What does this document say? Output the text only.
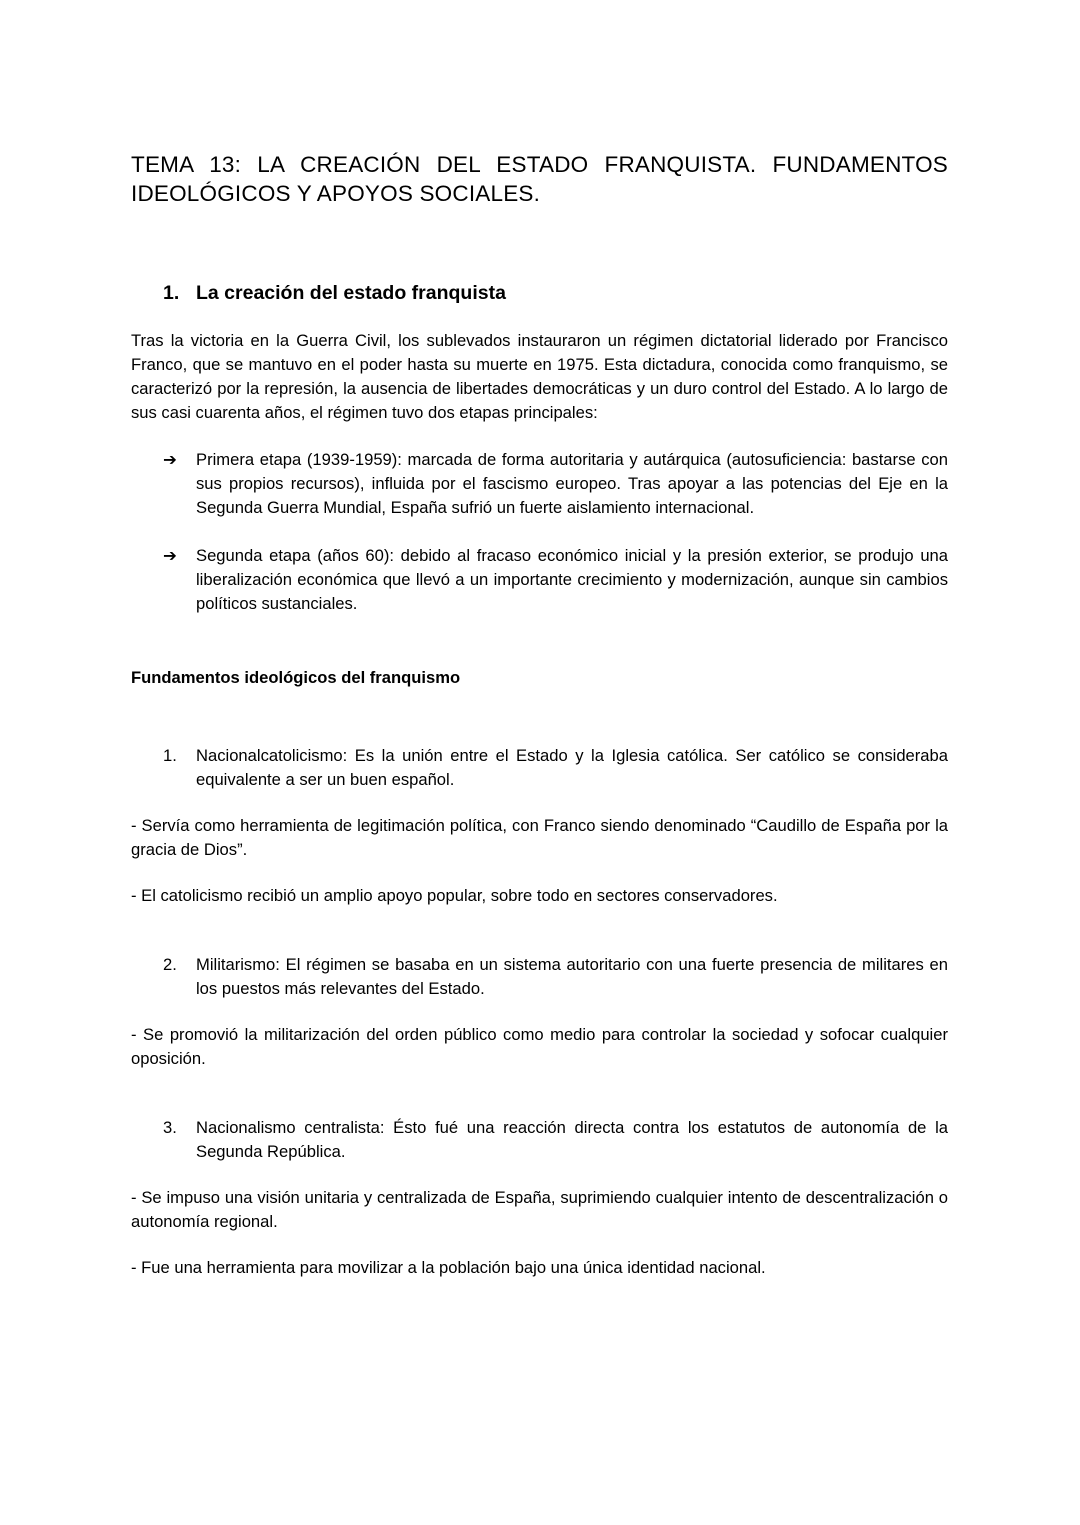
TEMA 13: LA CREACIÓN DEL ESTADO FRANQUISTA. FUNDAMENTOS
IDEOLÓGICOS Y APOYOS SOCIALES.
1. La creación del estado franquista

Tras la victoria en la Guerra Civil, los sublevados instauraron un régimen dictatorial liderado por Francisco Franco, que se mantuvo en el poder hasta su muerte en 1975. Esta dictadura, conocida como franquismo, se caracterizó por la represión, la ausencia de libertades democráticas y un duro control del Estado. A lo largo de sus casi cuarenta años, el régimen tuvo dos etapas principales:

➔	Primera etapa (1939-1959): marcada de forma autoritaria y autárquica (autosuficiencia: bastarse con sus propios recursos), influida por el fascismo europeo. Tras apoyar a las potencias del Eje en la Segunda Guerra Mundial, España sufrió un fuerte aislamiento internacional.
➔	Segunda etapa (años 60): debido al fracaso económico inicial y la presión exterior, se produjo una liberalización económica que llevó a un importante crecimiento y modernización, aunque sin cambios políticos sustanciales.
Fundamentos ideológicos del franquismo
1.	Nacionalcatolicismo: Es la unión entre el Estado y la Iglesia católica. Ser católico se consideraba equivalente a ser un buen español.

- Servía como herramienta de legitimación política, con Franco siendo denominado “Caudillo de España por la gracia de Dios”.

- El catolicismo recibió un amplio apoyo popular, sobre todo en sectores conservadores.

2.	Militarismo: El régimen se basaba en un sistema autoritario con una fuerte presencia de militares en los puestos más relevantes del Estado.

- Se promovió la militarización del orden público como medio para controlar la sociedad y sofocar cualquier oposición.

3.	Nacionalismo centralista: Ésto fué una reacción directa contra los estatutos de autonomía de la Segunda República.

- Se impuso una visión unitaria y centralizada de España, suprimiendo cualquier intento de descentralización o autonomía regional.

- Fue una herramienta para movilizar a la población bajo una única identidad nacional.
